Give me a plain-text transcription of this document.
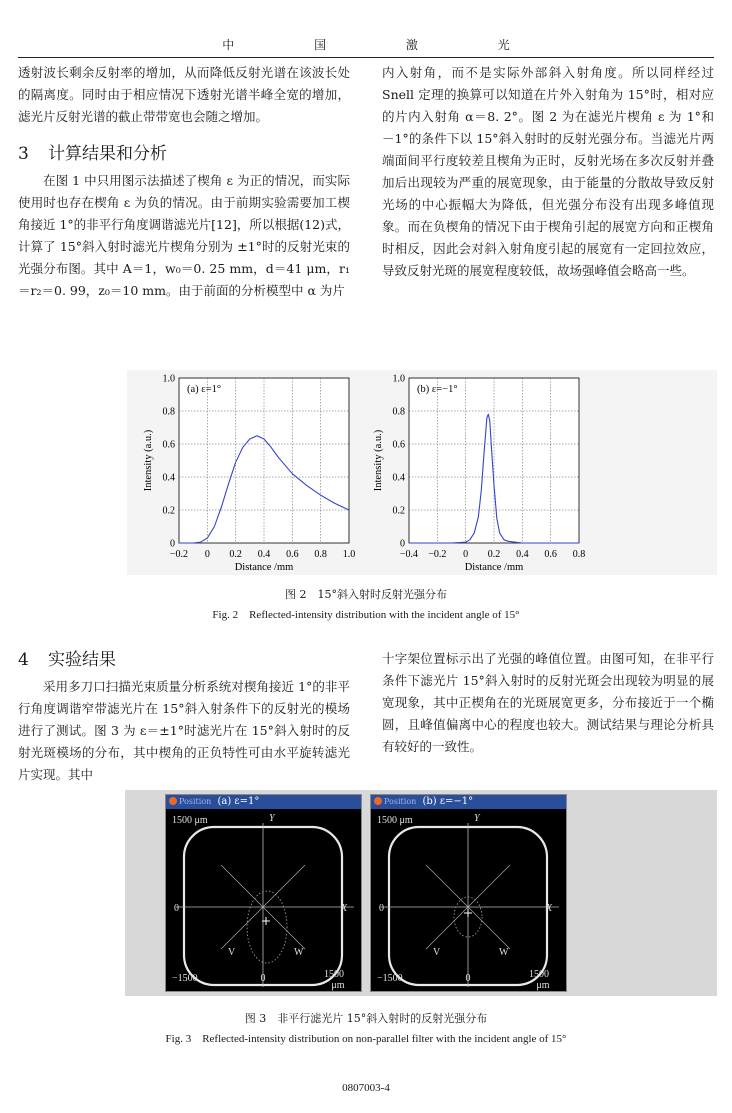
中 国 激 光

透射波长剩余反射率的增加，从而降低反射光谱在该波长处的隔离度。同时由于相应情况下透射光谱半峰全宽的增加，滤光片反射光谱的截止带带宽也会随之增加。

3 计算结果和分析

在图 1 中只用图示法描述了楔角 ε 为正的情况，而实际使用时也存在楔角 ε 为负的情况。由于前期实验需要加工楔角接近 1°的非平行角度调谐滤光片[12]，所以根据(12)式，计算了 15°斜入射时滤光片楔角分别为 ±1°时的反射光束的光强分布图。其中 A＝1，w₀＝0. 25 mm，d＝41 μm，r₁＝r₂＝0. 99，z₀＝10 mm。由于前面的分析模型中 α 为片

内入射角，而不是实际外部斜入射角度。所以同样经过 Snell 定理的换算可以知道在片外入射角为 15°时，相对应的片内入射角 α＝8. 2°。图 2 为在滤光片楔角 ε 为 1°和 －1°的条件下以 15°斜入射时的反射光强分布。当滤光片两端面间平行度较差且楔角为正时，反射光场在多次反射并叠加后出现较为严重的展宽现象，由于能量的分散故导致反射光场的中心振幅大为降低，但光强分布没有出现多峰值现象。而在负楔角的情况下由于楔角引起的展宽方向和正楔角时相反，因此会对斜入射角度引起的展宽有一定回拉效应，导致反射光斑的展宽程度较低，故场强峰值会略高一些。

−0.2 0 0.2 0.4 0.6 0.8 1.0
0
0.2
0.4
0.6
0.8
1.0
(a) ε=1°
Distance /mm
Intensity (a.u.)
−0.4 −0.2 0 0.2 0.4 0.6 0.8
0
0.2
0.4
0.6
0.8
1.0
(b) ε=−1°
Distance /mm
Intensity (a.u.)
图 2　15°斜入射时反射光强分布
Fig. 2　Reflected-intensity distribution with the incident angle of 15°

4 实验结果

采用多刀口扫描光束质量分析系统对楔角接近 1°的非平行角度调谐窄带滤光片在 15°斜入射条件下的反射光的模场进行了测试。图 3 为 ε＝±1°时滤光片在 15°斜入射时的反射光斑模场的分布，其中楔角的正负特性可由水平旋转滤光片实现。其中

十字架位置标示出了光强的峰值位置。由图可知，在非平行条件下滤光片 15°斜入射时的反射光斑会出现较为明显的展宽现象，其中正楔角在的光斑展宽更多，分布接近于一个椭圆，且峰值偏离中心的程度也较大。测试结果与理论分析具有较好的一致性。

Position (a) ε=1°
1500 μm	Y
X
0
V	W
−1500	0	1500
μm
Position (b) ε=−1°
1500 μm	Y
X
0
V	W
−1500	0	1500
μm
图 3　非平行滤光片 15°斜入射时的反射光强分布
Fig. 3　Reflected-intensity distribution on non-parallel filter with the incident angle of 15°
0807003-4
